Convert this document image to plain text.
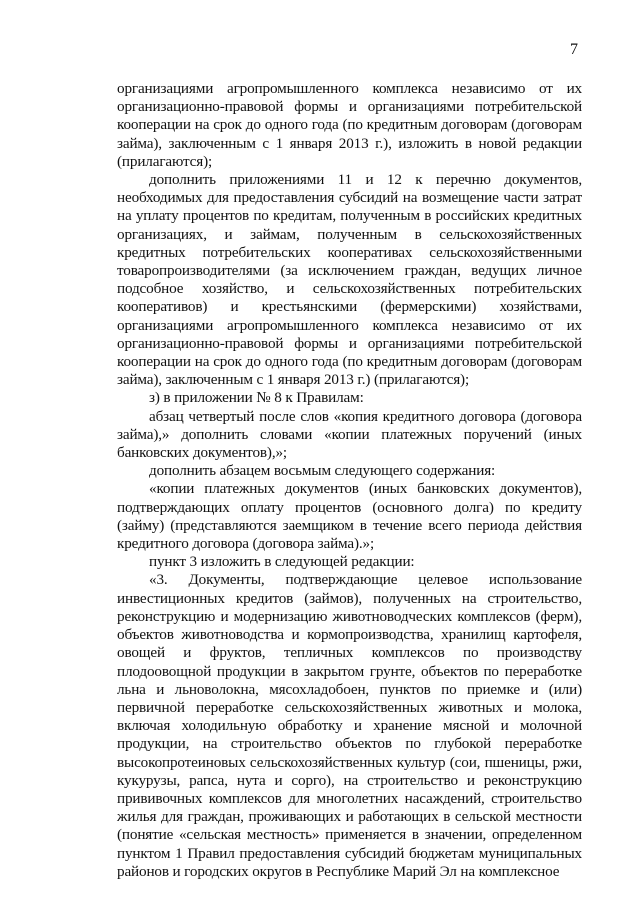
7

организациями агропромышленного комплекса независимо от их организационно-правовой формы и организациями потребительской кооперации на срок до одного года (по кредитным договорам (договорам займа), заключенным с 1 января 2013 г.), изложить в новой редакции (прилагаются);

дополнить приложениями 11 и 12 к перечню документов, необходимых для предоставления субсидий на возмещение части затрат на уплату процентов по кредитам, полученным в российских кредитных организациях, и займам, полученным в сельскохозяйственных кредитных потребительских кооперативах сельскохозяйственными товаропроизводителями (за исключением граждан, ведущих личное подсобное хозяйство, и сельскохозяйственных потребительских кооперативов) и крестьянскими (фермерскими) хозяйствами, организациями агропромышленного комплекса независимо от их организационно-правовой формы и организациями потребительской кооперации на срок до одного года (по кредитным договорам (договорам займа), заключенным с 1 января 2013 г.) (прилагаются);

з) в приложении № 8 к Правилам:

абзац четвертый после слов «копия кредитного договора (договора займа),» дополнить словами «копии платежных поручений (иных банковских документов),»;

дополнить абзацем восьмым следующего содержания:

«копии платежных документов (иных банковских документов), подтверждающих оплату процентов (основного долга) по кредиту (займу) (представляются заемщиком в течение всего периода действия кредитного договора (договора займа).»;

пункт 3 изложить в следующей редакции:

«3. Документы, подтверждающие целевое использование инвестиционных кредитов (займов), полученных на строительство, реконструкцию и модернизацию животноводческих комплексов (ферм), объектов животноводства и кормопроизводства, хранилищ картофеля, овощей и фруктов, тепличных комплексов по производству плодоовощной продукции в закрытом грунте, объектов по переработке льна и льноволокна, мясохладобоен, пунктов по приемке и (или) первичной переработке сельскохозяйственных животных и молока, включая холодильную обработку и хранение мясной и молочной продукции, на строительство объектов по глубокой переработке высокопротеиновых сельскохозяйственных культур (сои, пшеницы, ржи, кукурузы, рапса, нута и сорго), на строительство и реконструкцию прививочных комплексов для многолетних насаждений, строительство жилья для граждан, проживающих и работающих в сельской местности (понятие «сельская местность» применяется в значении, определенном пунктом 1 Правил предоставления субсидий бюджетам муниципальных районов и городских округов в Республике Марий Эл на комплексное
